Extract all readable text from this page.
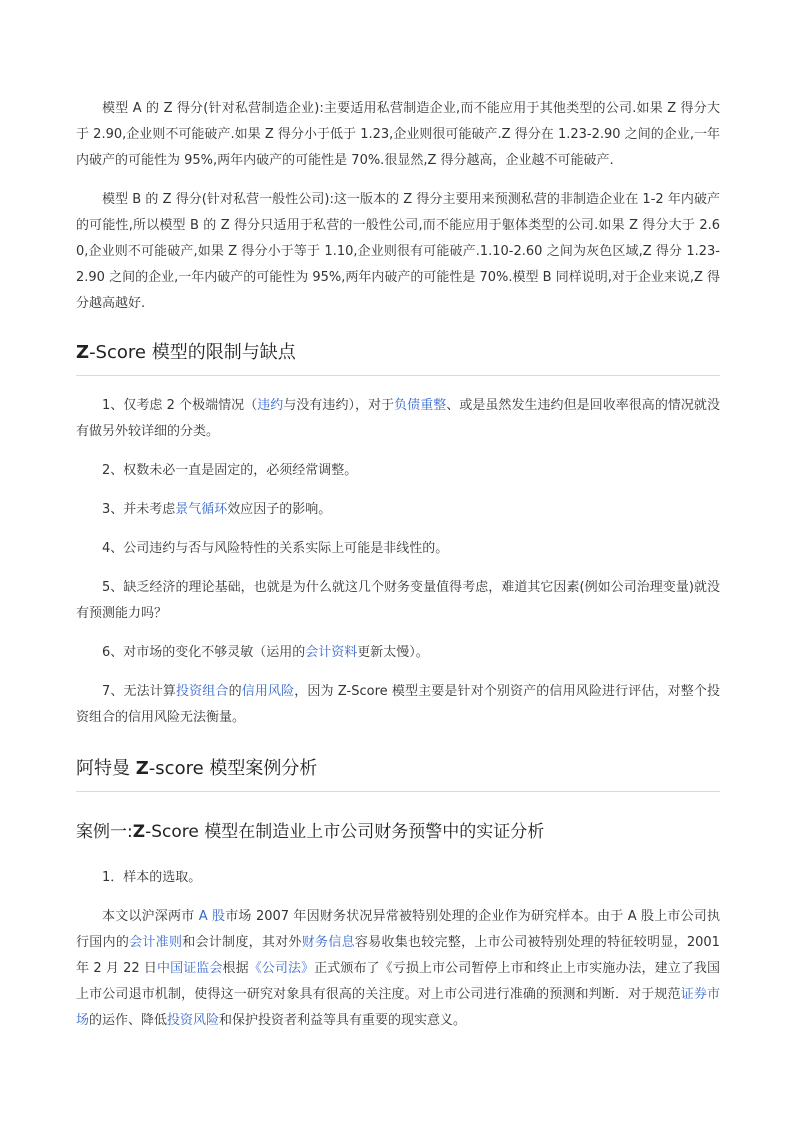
模型 A 的 Z 得分(针对私营制造企业):主要适用私营制造企业,而不能应用于其他类型的公司.如果 Z 得分大于 2.90,企业则不可能破产.如果 Z 得分小于低于 1.23,企业则很可能破产.Z 得分在 1.23-2.90 之间的企业,一年内破产的可能性为 95%,两年内破产的可能性是 70%.很显然,Z 得分越高，企业越不可能破产.

模型 B 的 Z 得分(针对私营一般性公司):这一版本的 Z 得分主要用来预测私营的非制造企业在 1-2 年内破产的可能性,所以模型 B 的 Z 得分只适用于私营的一般性公司,而不能应用于躯体类型的公司.如果 Z 得分大于 2.60,企业则不可能破产,如果 Z 得分小于等于 1.10,企业则很有可能破产.1.10-2.60 之间为灰色区域,Z 得分 1.23-2.90 之间的企业,一年内破产的可能性为 95%,两年内破产的可能性是 70%.模型 B 同样说明,对于企业来说,Z 得分越高越好.

Z-Score 模型的限制与缺点

1、仅考虑 2 个极端情况（违约与没有违约），对于负债重整、或是虽然发生违约但是回收率很高的情况就没有做另外较详细的分类。

2、权数未必一直是固定的，必须经常调整。

3、并未考虑景气循环效应因子的影响。

4、公司违约与否与风险特性的关系实际上可能是非线性的。

5、缺乏经济的理论基础，也就是为什么就这几个财务变量值得考虑，难道其它因素(例如公司治理变量)就没有预测能力吗？

6、对市场的变化不够灵敏（运用的会计资料更新太慢）。

7、无法计算投资组合的信用风险，因为 Z-Score 模型主要是针对个别资产的信用风险进行评估，对整个投资组合的信用风险无法衡量。

阿特曼 Z-score 模型案例分析
案例一:Z-Score 模型在制造业上市公司财务预警中的实证分析

1．样本的选取。

本文以沪深两市 A 股市场 2007 年因财务状况异常被特别处理的企业作为研究样本。由于 A 股上市公司执行国内的会计准则和会计制度，其对外财务信息容易收集也较完整，上市公司被特别处理的特征较明显，2001 年 2 月 22 日中国证监会根据《公司法》正式颁布了《亏损上市公司暂停上市和终止上市实施办法，建立了我国上市公司退市机制，使得这一研究对象具有很高的关注度。对上市公司进行准确的预测和判断．对于规范证券市场的运作、降低投资风险和保护投资者利益等具有重要的现实意义。
